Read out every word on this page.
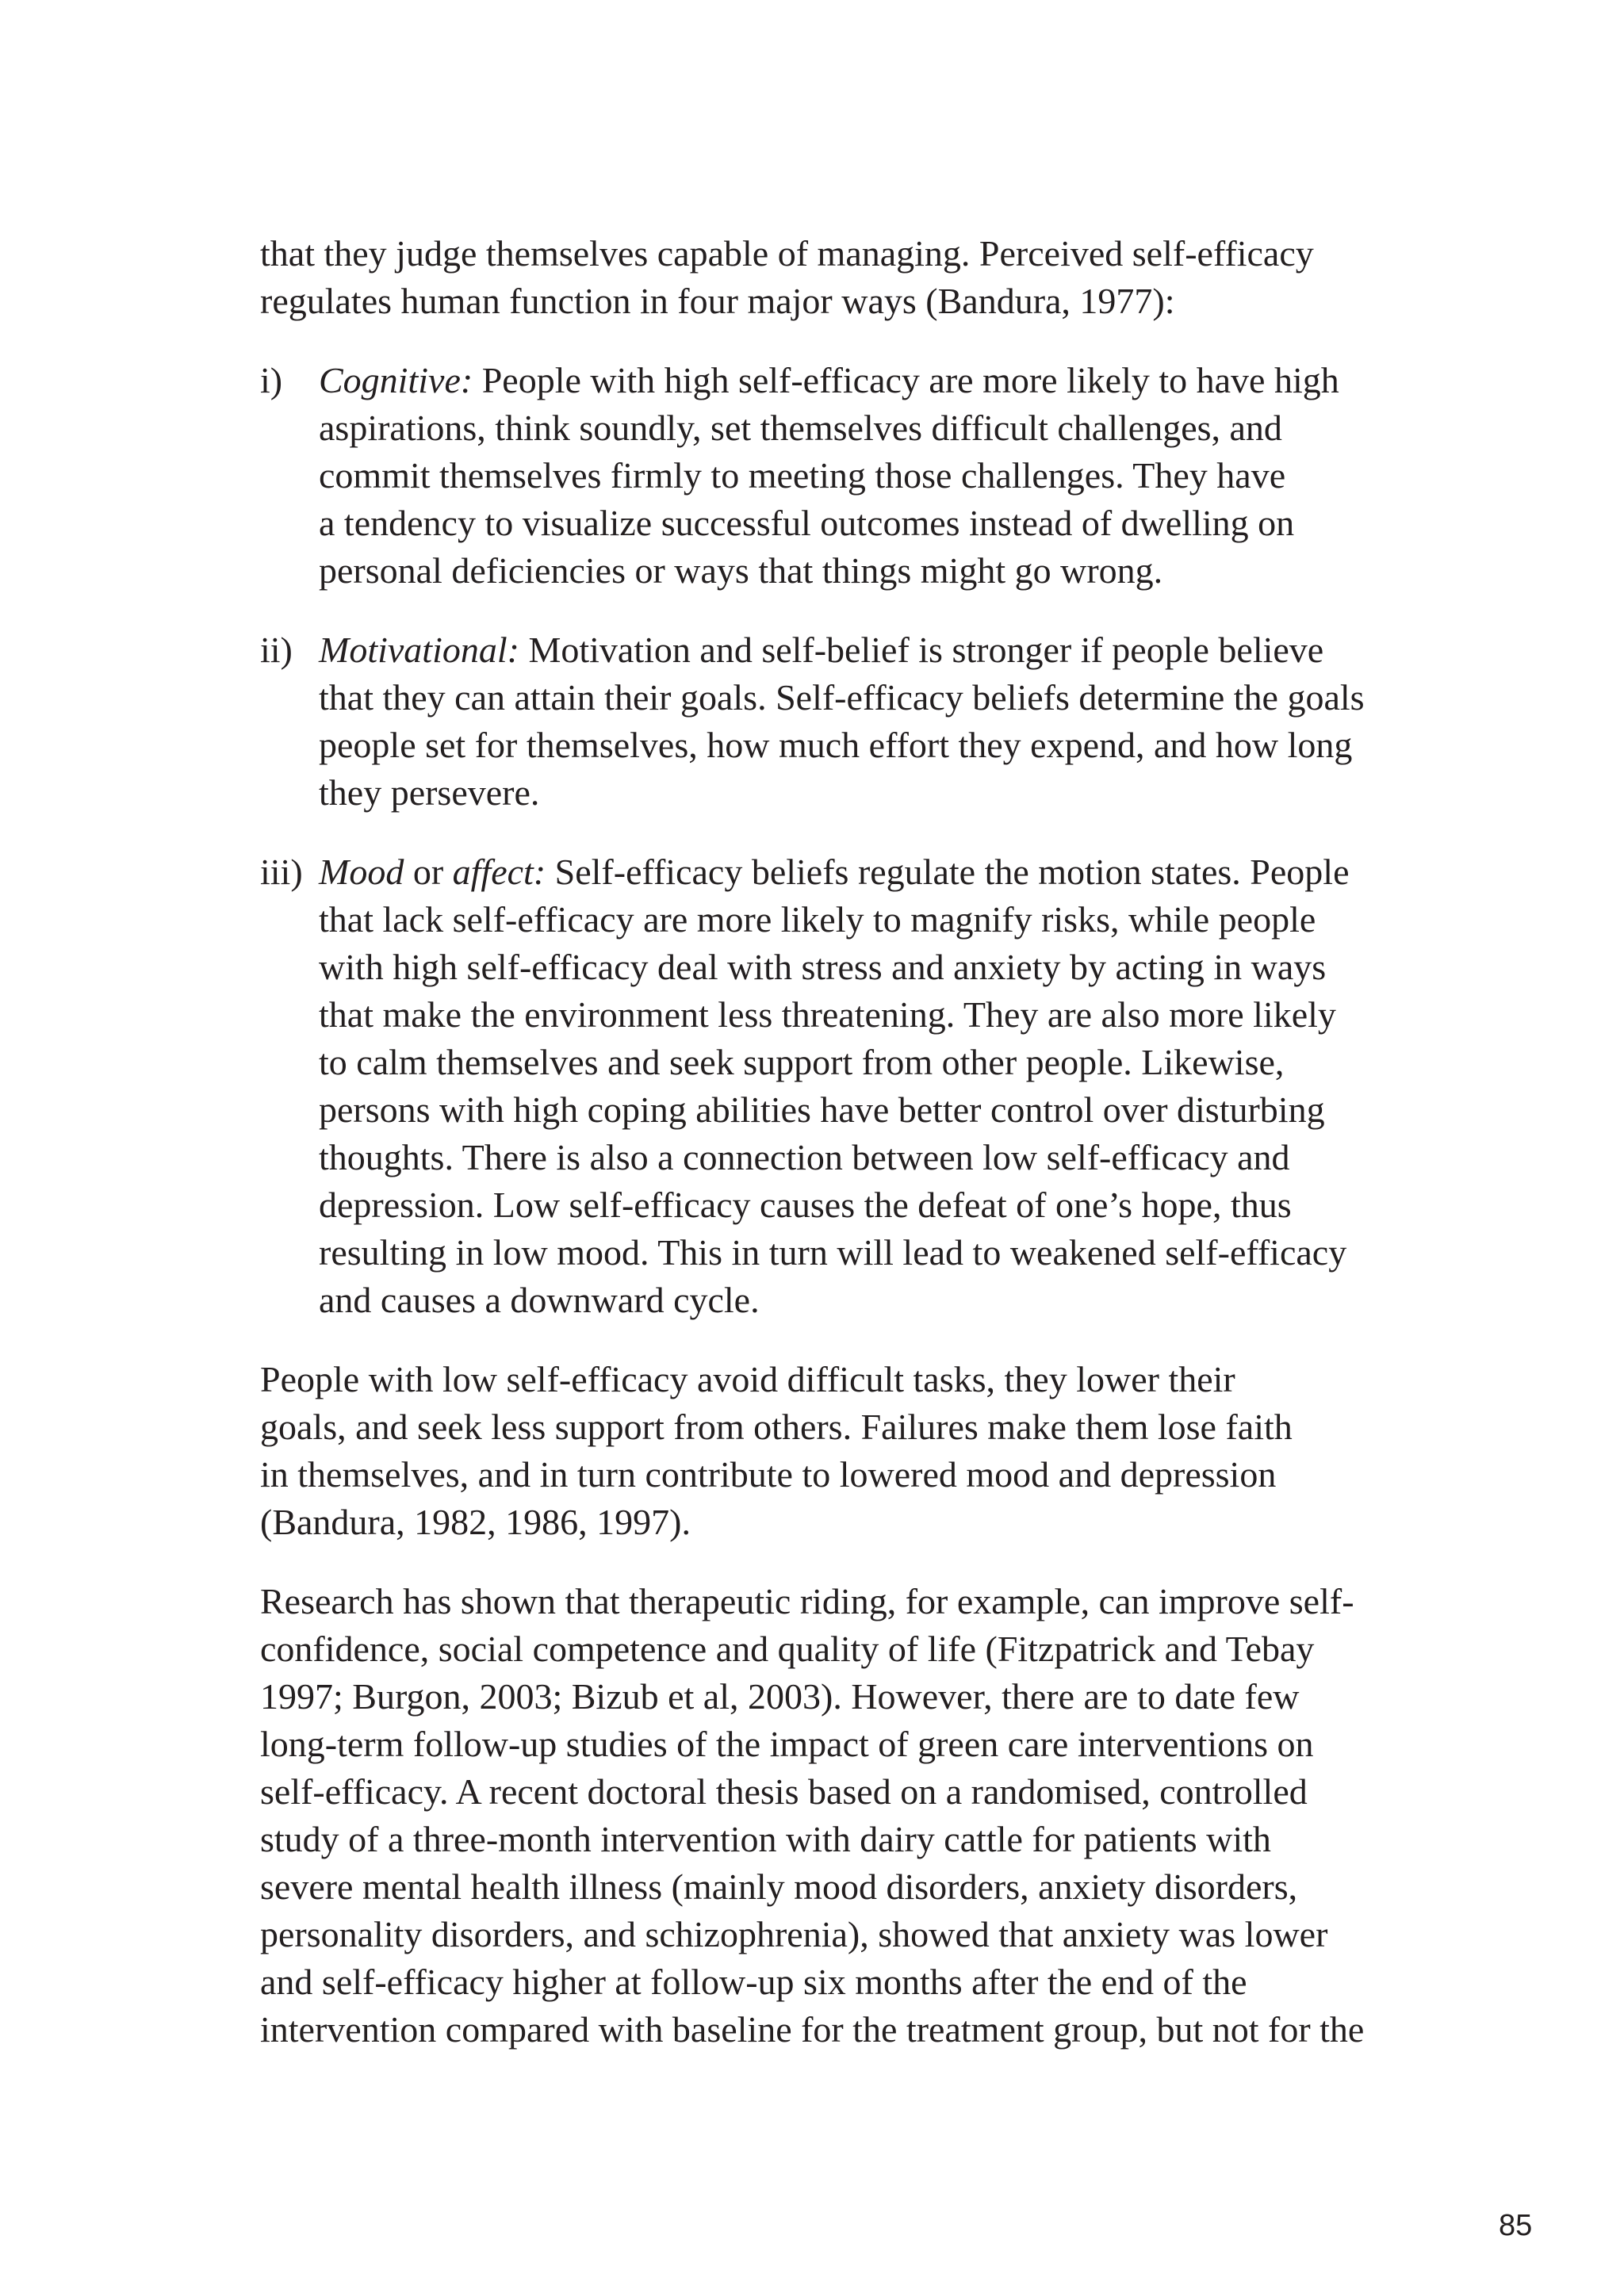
that they judge themselves capable of managing. Perceived self-efficacy
regulates human function in four major ways (Bandura, 1977):

i) Cognitive: People with high self-efficacy are more likely to have high
aspirations, think soundly, set themselves difficult challenges, and
commit themselves firmly to meeting those challenges. They have
a tendency to visualize successful outcomes instead of dwelling on
personal deficiencies or ways that things might go wrong.
ii) Motivational: Motivation and self-belief is stronger if people believe
that they can attain their goals. Self-efficacy beliefs determine the goals
people set for themselves, how much effort they expend, and how long
they persevere.
iii) Mood or affect: Self-efficacy beliefs regulate the motion states. People
that lack self-efficacy are more likely to magnify risks, while people
with high self-efficacy deal with stress and anxiety by acting in ways
that make the environment less threatening. They are also more likely
to calm themselves and seek support from other people. Likewise,
persons with high coping abilities have better control over disturbing
thoughts. There is also a connection between low self-efficacy and
depression. Low self-efficacy causes the defeat of one’s hope, thus
resulting in low mood. This in turn will lead to weakened self-efficacy
and causes a downward cycle.

People with low self-efficacy avoid difficult tasks, they lower their
goals, and seek less support from others. Failures make them lose faith
in themselves, and in turn contribute to lowered mood and depression
(Bandura, 1982, 1986, 1997).

Research has shown that therapeutic riding, for example, can improve self-
confidence, social competence and quality of life (Fitzpatrick and Tebay
1997; Burgon, 2003; Bizub et al, 2003). However, there are to date few
long-term follow-up studies of the impact of green care interventions on
self-efficacy. A recent doctoral thesis based on a randomised, controlled
study of a three-month intervention with dairy cattle for patients with
severe mental health illness (mainly mood disorders, anxiety disorders,
personality disorders, and schizophrenia), showed that anxiety was lower
and self-efficacy higher at follow-up six months after the end of the
intervention compared with baseline for the treatment group, but not for the

85
